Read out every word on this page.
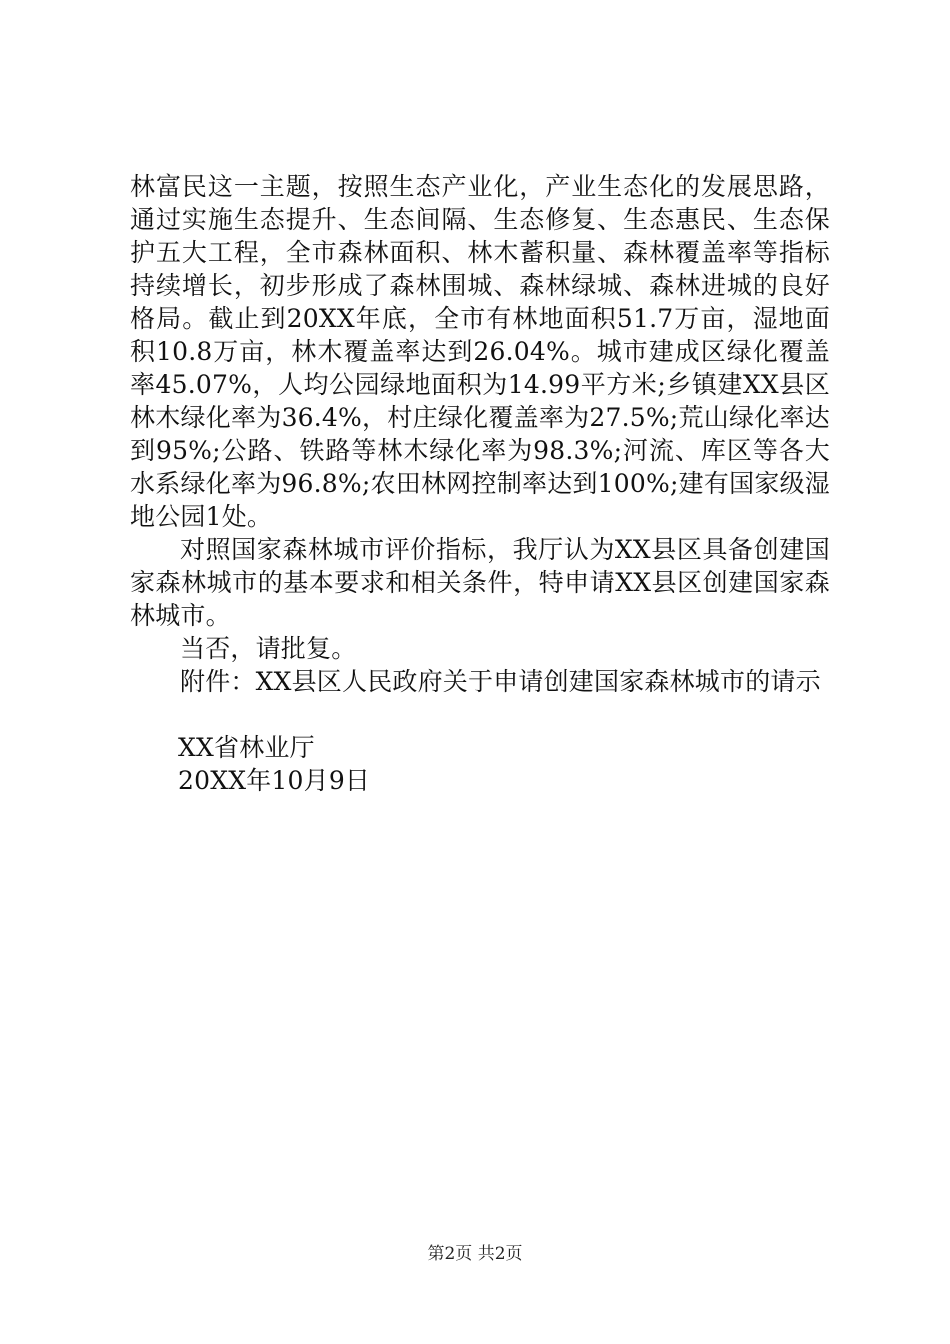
林富民这一主题，按照生态产业化，产业生态化的发展思路，通过实施生态提升、生态间隔、生态修复、生态惠民、生态保护五大工程，全市森林面积、林木蓄积量、森林覆盖率等指标持续增长，初步形成了森林围城、森林绿城、森林进城的良好格局。截止到20XX年底，全市有林地面积51.7万亩，湿地面积10.8万亩，林木覆盖率达到26.04%。城市建成区绿化覆盖率45.07%，人均公园绿地面积为14.99平方米;乡镇建XX县区林木绿化率为36.4%，村庄绿化覆盖率为27.5%;荒山绿化率达到95%;公路、铁路等林木绿化率为98.3%;河流、库区等各大水系绿化率为96.8%;农田林网控制率达到100%;建有国家级湿地公园1处。

对照国家森林城市评价指标，我厅认为XX县区具备创建国家森林城市的基本要求和相关条件，特申请XX县区创建国家森林城市。

当否，请批复。

附件：XX县区人民政府关于申请创建国家森林城市的请示

XX省林业厅
20XX年10月9日
第2页 共2页
